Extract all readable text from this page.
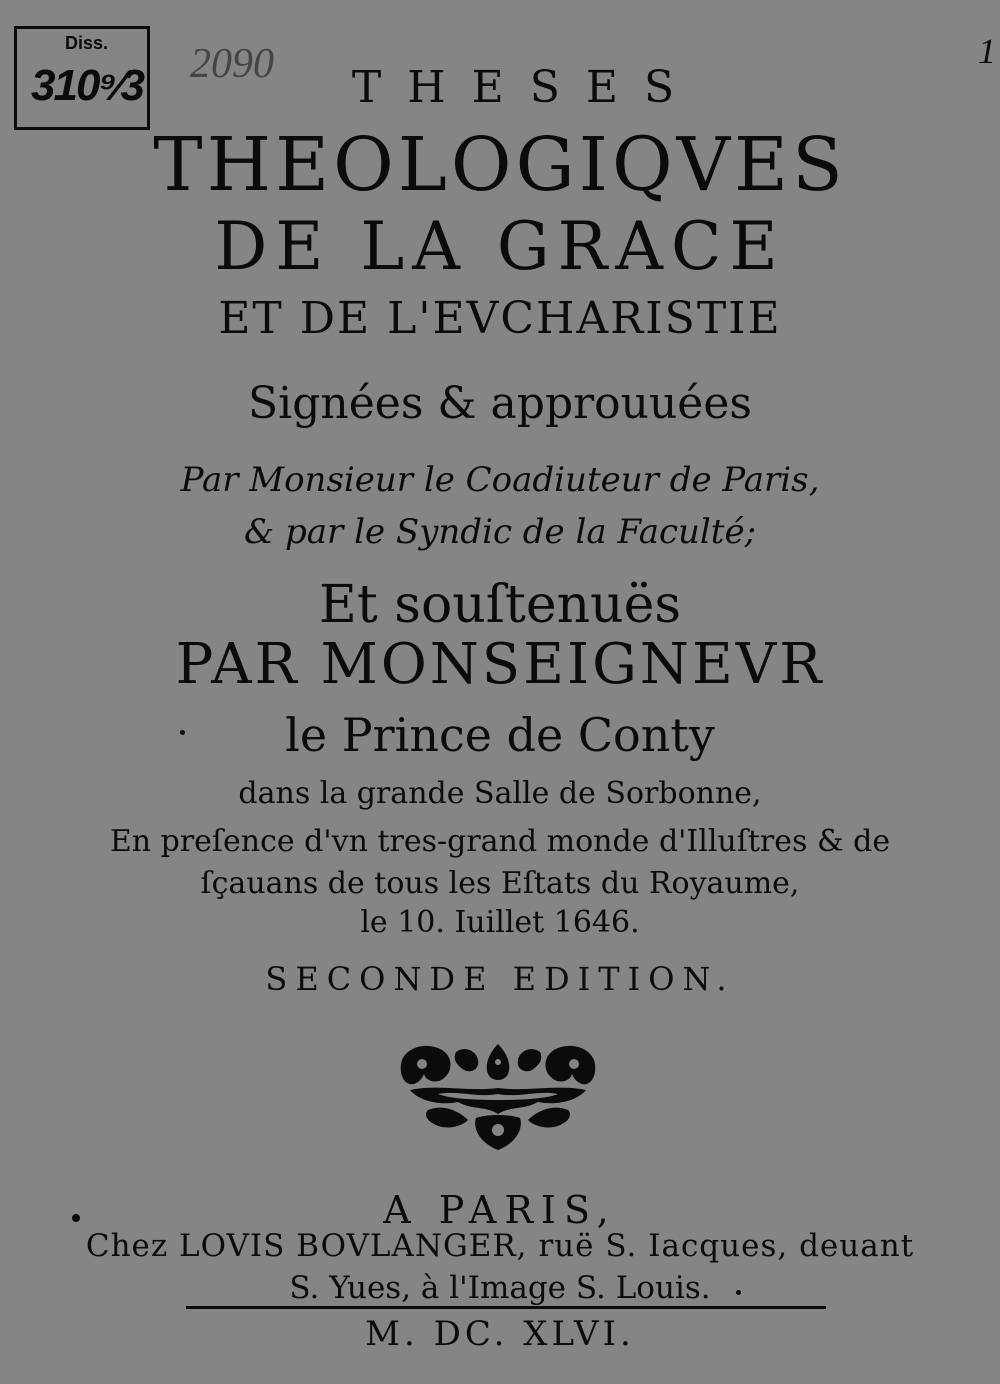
Diss.
310⁹⁄3 2090	1
THESES
THEOLOGIQVES
DE LA GRACE
ET DE L'EVCHARISTIE
Signées & approuuées
Par Monsieur le Coadiuteur de Paris,
& par le Syndic de la Faculté;
Et souſtenuës
PAR MONSEIGNEVR
le Prince de Conty
dans la grande Salle de Sorbonne,
En preſence d'vn tres-grand monde d'Illuſtres & de
ſçauans de tous les Eſtats du Royaume,
le 10. Iuillet 1646.
SECONDE EDITION.
A PARIS,
Chez LOVIS BOVLANGER, ruë S. Iacques, deuant
S. Yues, à l'Image S. Louis.
M. DC. XLVI.
